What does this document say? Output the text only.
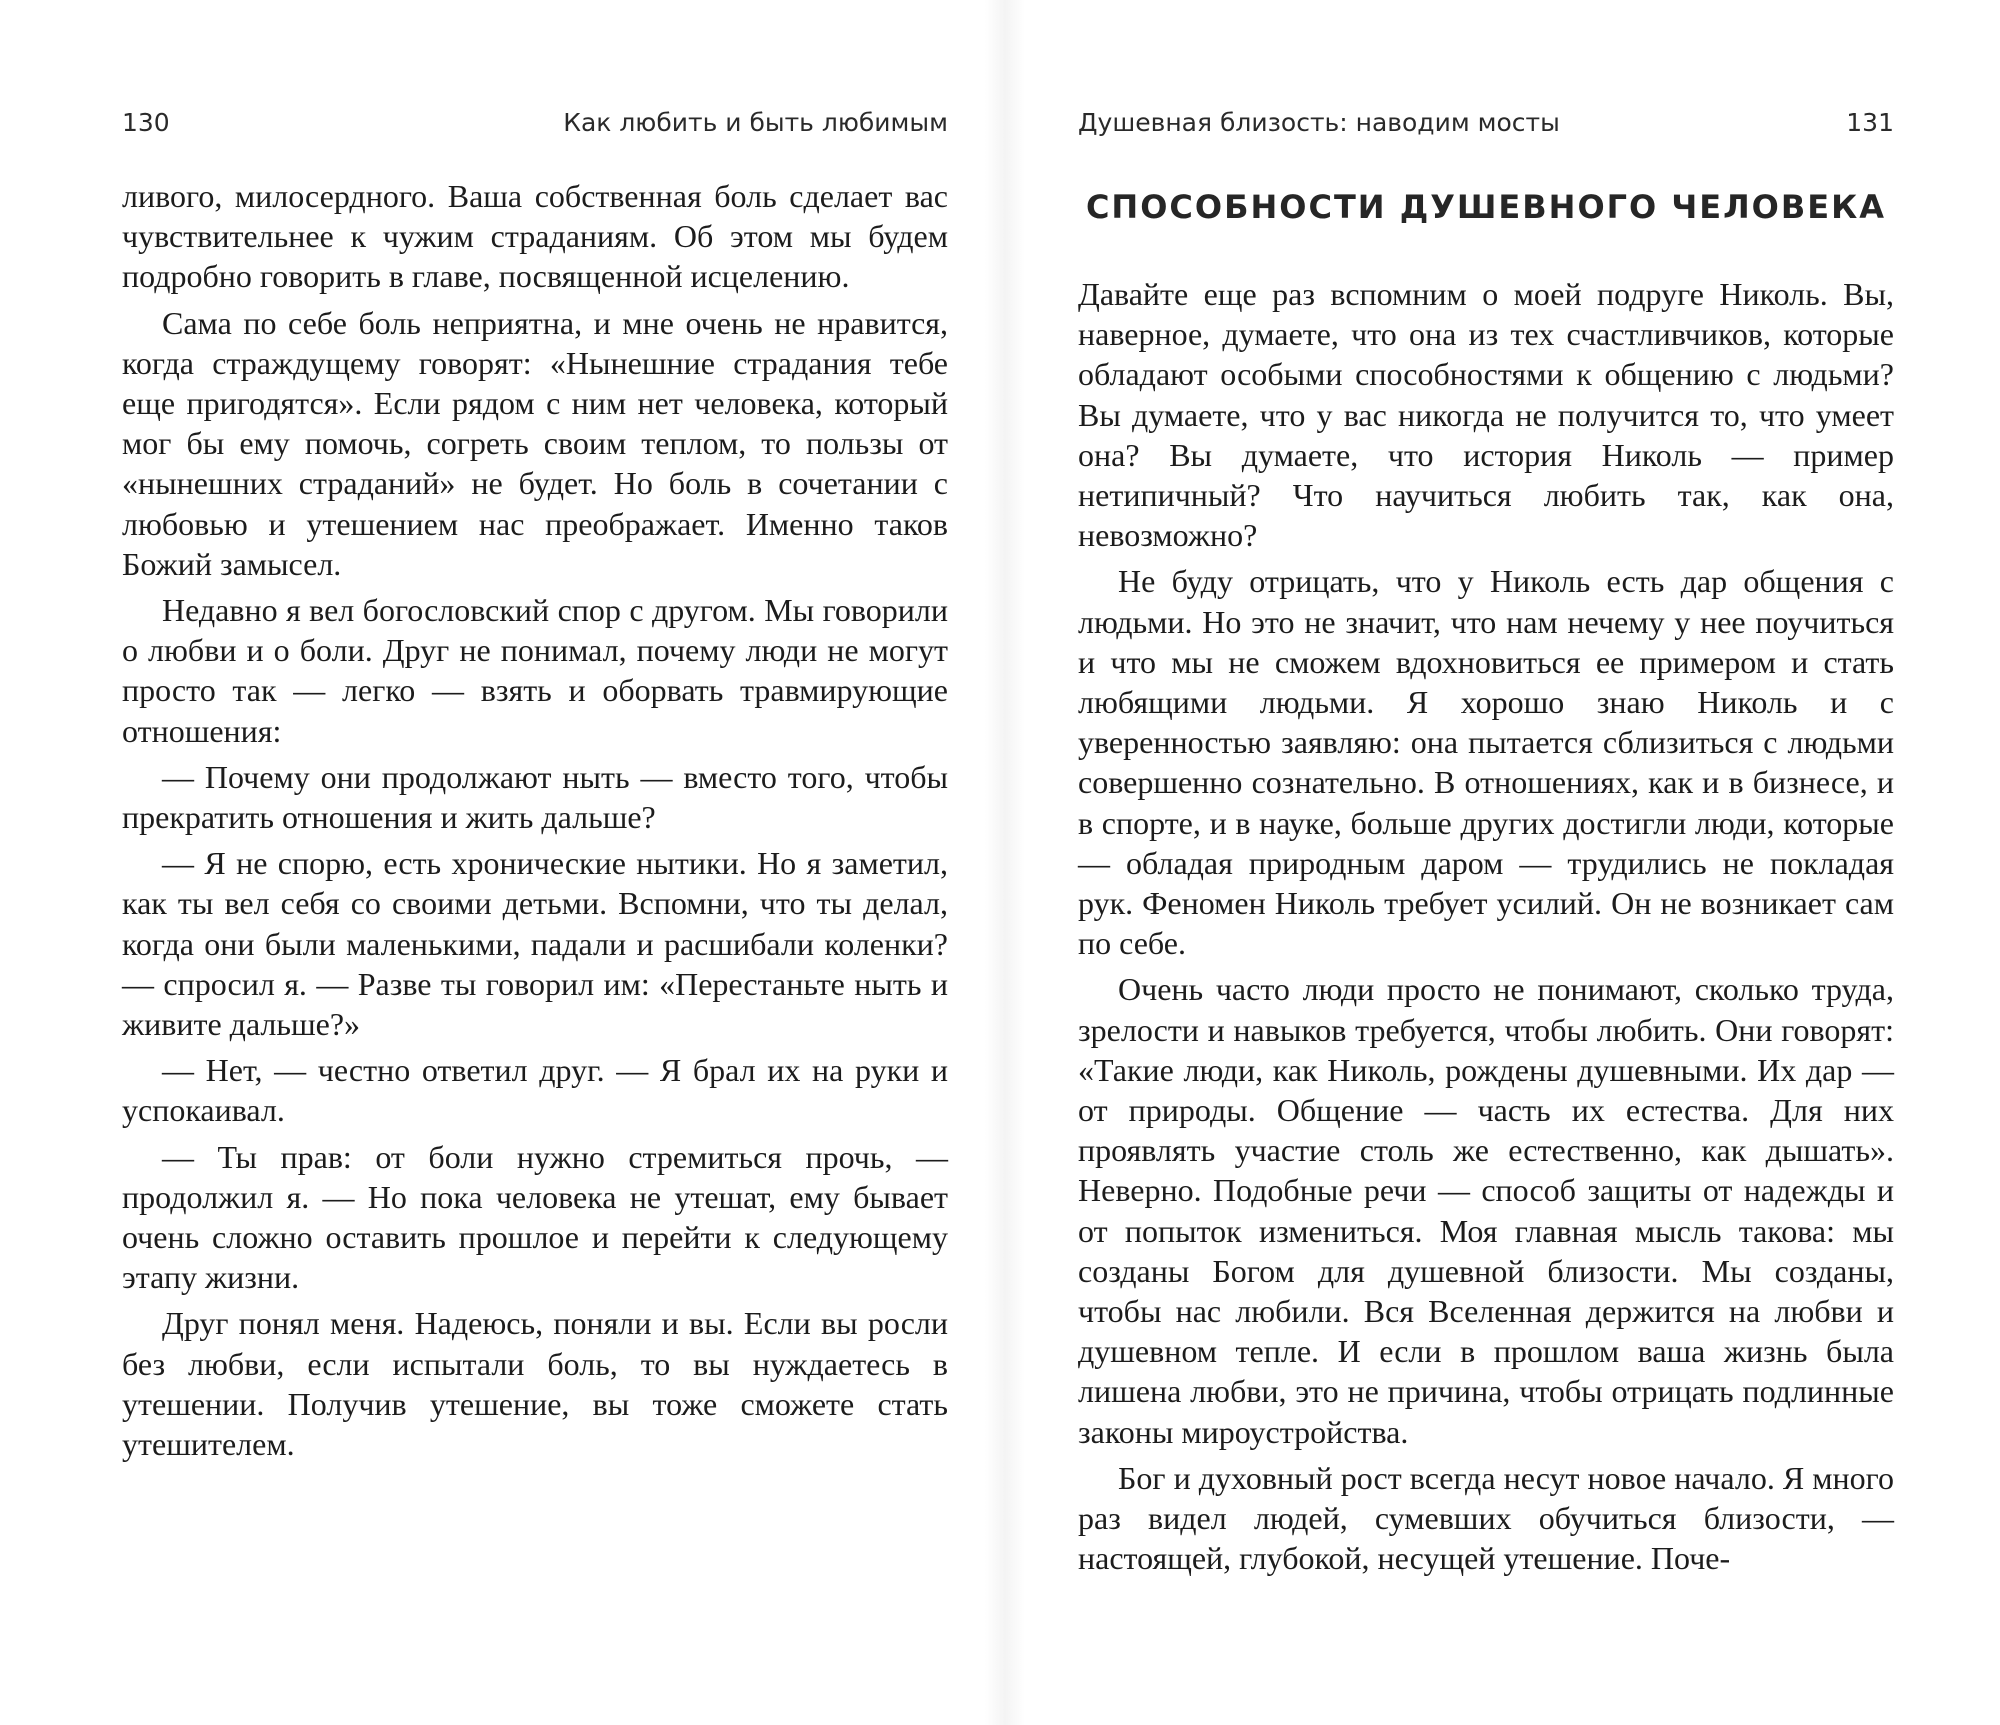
130	Как любить и быть любимым

ливого, милосердного. Ваша собственная боль сделает вас чувствительнее к чужим страданиям. Об этом мы будем подробно говорить в главе, посвященной исцелению.

Сама по себе боль неприятна, и мне очень не нравится, когда страждущему говорят: «Нынешние страдания тебе еще пригодятся». Если рядом с ним нет человека, который мог бы ему помочь, согреть своим теплом, то пользы от «нынешних страданий» не будет. Но боль в сочетании с любовью и утешением нас преображает. Именно таков Божий замысел.

Недавно я вел богословский спор с другом. Мы говорили о любви и о боли. Друг не понимал, почему люди не могут просто так — легко — взять и оборвать травмирующие отношения:

— Почему они продолжают ныть — вместо того, чтобы прекратить отношения и жить дальше?

— Я не спорю, есть хронические нытики. Но я заметил, как ты вел себя со своими детьми. Вспомни, что ты делал, когда они были маленькими, падали и расшибали коленки? — спросил я. — Разве ты говорил им: «Перестаньте ныть и живите дальше?»

— Нет, — честно ответил друг. — Я брал их на руки и успокаивал.

— Ты прав: от боли нужно стремиться прочь, — продолжил я. — Но пока человека не утешат, ему бывает очень сложно оставить прошлое и перейти к следующему этапу жизни.

Друг понял меня. Надеюсь, поняли и вы. Если вы росли без любви, если испытали боль, то вы нуждаетесь в утешении. Получив утешение, вы тоже сможете стать утешителем.

Душевная близость: наводим мосты	131
СПОСОБНОСТИ ДУШЕВНОГО ЧЕЛОВЕКА

Давайте еще раз вспомним о моей подруге Николь. Вы, наверное, думаете, что она из тех счастливчиков, которые обладают особыми способностями к общению с людьми? Вы думаете, что у вас никогда не получится то, что умеет она? Вы думаете, что история Николь — пример нетипичный? Что научиться любить так, как она, невозможно?

Не буду отрицать, что у Николь есть дар общения с людьми. Но это не значит, что нам нечему у нее поучиться и что мы не сможем вдохновиться ее примером и стать любящими людьми. Я хорошо знаю Николь и с уверенностью заявляю: она пытается сблизиться с людьми совершенно сознательно. В отношениях, как и в бизнесе, и в спорте, и в науке, больше других достигли люди, которые — обладая природным даром — трудились не покладая рук. Феномен Николь требует усилий. Он не возникает сам по себе.

Очень часто люди просто не понимают, сколько труда, зрелости и навыков требуется, чтобы любить. Они говорят: «Такие люди, как Николь, рождены душевными. Их дар — от природы. Общение — часть их естества. Для них проявлять участие столь же естественно, как дышать». Неверно. Подобные речи — способ защиты от надежды и от попыток измениться. Моя главная мысль такова: мы созданы Богом для душевной близости. Мы созданы, чтобы нас любили. Вся Вселенная держится на любви и душевном тепле. И если в прошлом ваша жизнь была лишена любви, это не причина, чтобы отрицать подлинные законы мироустройства.

Бог и духовный рост всегда несут новое начало. Я много раз видел людей, сумевших обучиться близости, — настоящей, глубокой, несущей утешение. Поче-
